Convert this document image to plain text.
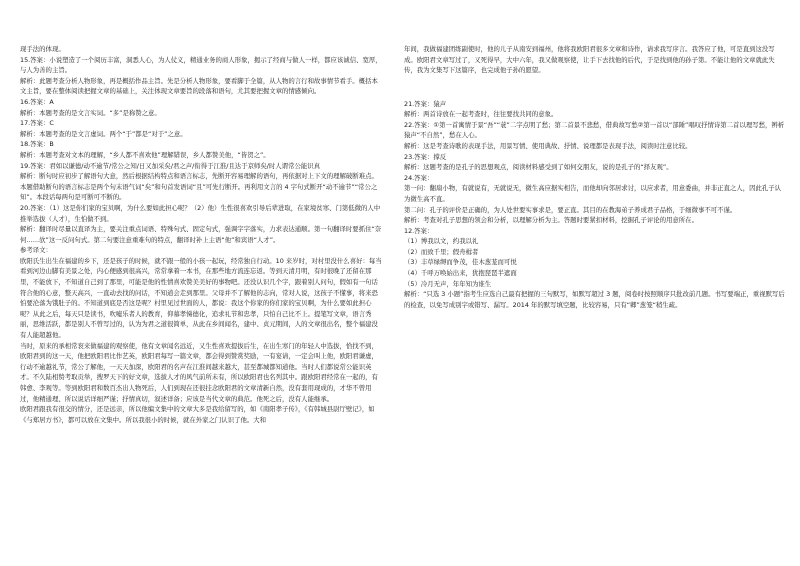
现手法的体现。

15.答案：小说塑造了一个阅历丰富，洞悉人心，为人仗义，精通业务的商人形象，揭示了经商与做人一样，都应该诚信、宽厚，与人为善的主旨。

解析：此题考查分析人物形象，再是概括作品主旨。先是分析人物形象，要看脚于全篇，从人物的言行和故事情节看手。概括本文主旨，要在整体阅读把握文章的基础上，关注体现文章要旨的段落和语句，尤其要把握文章的情感倾向。

16.答案：A

解析：本题考查的是文言实词。“多”是称赞之意。

17.答案：C

解析：本题考查的是文言虚词。两个“于”都是“对于”之意。

18.答案：B

解析：本题考查对文本的理解，“乡人都不喜欢他”理解错误，乡人都赞美他，“皆贺之”。

19.答案：君如以谦德/动不逾节/常公之知/日又加采矣/君之声/衔得于江淮/且达于京师矣/时人谓常公能识真

解析：断句时应初步了解语句大意，然后根据结构特点和语言标志，先断开容易理解的语句，再依据对上下文的理解破断难点。本题借助断句的语言标志是两个句末语气词“矣”和句首发语词“且”可先行断开。再利用文言的 4 字句式断开“动不逾节”“常公之知”。本段话每两句是可断可不断的。

20.答案：（1）这是你们家的宝贝啊，为什么要如此担心呢？（2）他）生性很喜欢引导后辈进取，在家境贫寒、门第低微的人中推举选拔（人才），生怕做不到。

解析：翻译时尽量以直译为主，要关注重点词语、特殊句式、固定句式，强调字字落实，力求表达通顺。第一句翻译时要抓住“奈何……欤”这一反问句式。第二句要注意重难句的特点，翻译时补上主语“他”和宾语“人才”。

参考译文：

欧阳氏生出生在福建的乡下，还是孩子的时候，就不跟一般的小孩一起玩，经常独自行动。10 来岁时，对村里没什么喜好：每当看到河边山脚有美景之处，内心便感到很高兴，常常拿着一本书，在那些地方流连忘返。等到天清月明，有时很晚了还留在那里，不能放下，不知道自己到了那里，可能是他的性情喜欢赞美美好的事物吧。还没认识几个字，跟着别人问句，假如有一句话符合他的心意，整天高兴，一直动去找的问话，不知道会走到那里。父母并不了解他的志向，常对人说，这孩子不懂事，将来恐怕要沦落为饿肚子的。不知道到底是否这是呢？村里见过世面的人，都说：我这个你家的你们家的宝贝啊，为什么要如此担心呢？从此之后，每天只是读书，吹嘘乐者人的教育，仰慕孝悌德化，追求礼节和忠孝，只怕自己比不上。提笔写文章，语言秀丽，思维活跃，都是别人不曾写过的，认为为君之道很简单，从此在乡间闻名，建中、贞元期间，人的文章很出名，整个福建没有人能超越他。

当时，原来的承相常衮来做福建的观察使，他有文章闻名远近，又生性喜欢提拔后生，在出生寒门的年轻人中选拔，恰找不到，欧阳君到的这一天，他把欧阳君比作艺英，欧阳君每写一篇文章，都会得到赞赏奖励，一有宴请，一定会叫上他，欧阳君谦虚，行动不逾越礼节，常公了解他，一天天加深，欧阳君的名声在江淮间越来越大，甚至都城都知道他。当时人们都说常公能识英才。不久陆相贽考取贡举，搜罗天下的好文章，选拔人才的风气前所未有，所以欧阳君也名列其中。跟欧阳君经常在一起的，有韩愈、李观等。等到欧阳君和数百杰出人物死后，人们到现在还很挂念欧阳君的文章清新自然，没有套用现成的，才华不曾用过，他精通理、所以说话详细严谨；抒情真切，叙述详备；应该是当代文章的典范。他死之后，没有人能继承。

欧阳君跟我有很交的情分，还是远亲，所以他编文集中的文章大多是我给留写的，如《南阳孝子传》，《有韩城县尉厅壁记》，如《与郑居方书》，都可以放在文集中。所以我很小的时候，就在外家之门认识了他。大和

年间，我做福建团练副使时，他的儿子从南安到福州，他将我欧阳君很多文章和诗作，请求我写序言。我答应了他，可是直到这没写成。欧阳君文章写过了，又死得早，大中六年，我又做观察使，让手下去找他的后代，于是找到他的孙子第。不能让他的文章就此失传，我为文集写下这篇序，也完成他子孙的愿望。

21.答案：猿声

解析：两首诗放在一起考查时，往往要找共同的意象。

22.答案：①第一首寓情于景“吾”“蓑”二字点明了愁；第二首景不悲愁，借典故写愁②第一首以“部陲”唱叹抒情诗第二首以理写愁，辨析猿声“不自然”，愁在人心。

解析：这是考查诗歌的表现手法，用景写情、使用典故、抒情、说理都是表现手法，阅读时注意比较。

23.答案：撑反

解析：这题考查的是孔子的思想观点，阅读材料感受到了如何交朋友，说的是孔子的“择友观”。

24.答案：

第一问：翻扇小物，有就说有，无就说无，微生高应据实相告，而他却向邻居求讨，以应求者，用意委曲，并非正直之人，因此孔子认为微生高不直。

第二问：孔子的评价是正确的，为人处世要实事求是，要正直。其目的在教海弟子养成君子品格，于细微事不可不谨。

解析：考查对孔子思想的领会和分析，以理解分析为主。答题时要紧扣材料，挖掘孔子评论的用意所在。

12.答案：

（1）博我以文，约我以礼

（2）而致千里；假舟楫者

（3）丰草绿缛而争茂，佳木葱茏而可悦

（4）千呼万唤始出来，犹抱琵琶半遮面

（5）冷月无声，年年知为谁生

解析：“只选 3 小题”指考生应选自己最有把握的三句默写，如默写超过 3 题，阅卷时按照顺序只批改前几题。书写要端正，重视默写后的检查，以免写成别字或错写、漏写。2014 年的默写填空题，比较容易，只有“卿”葱笼“稍生疏。
